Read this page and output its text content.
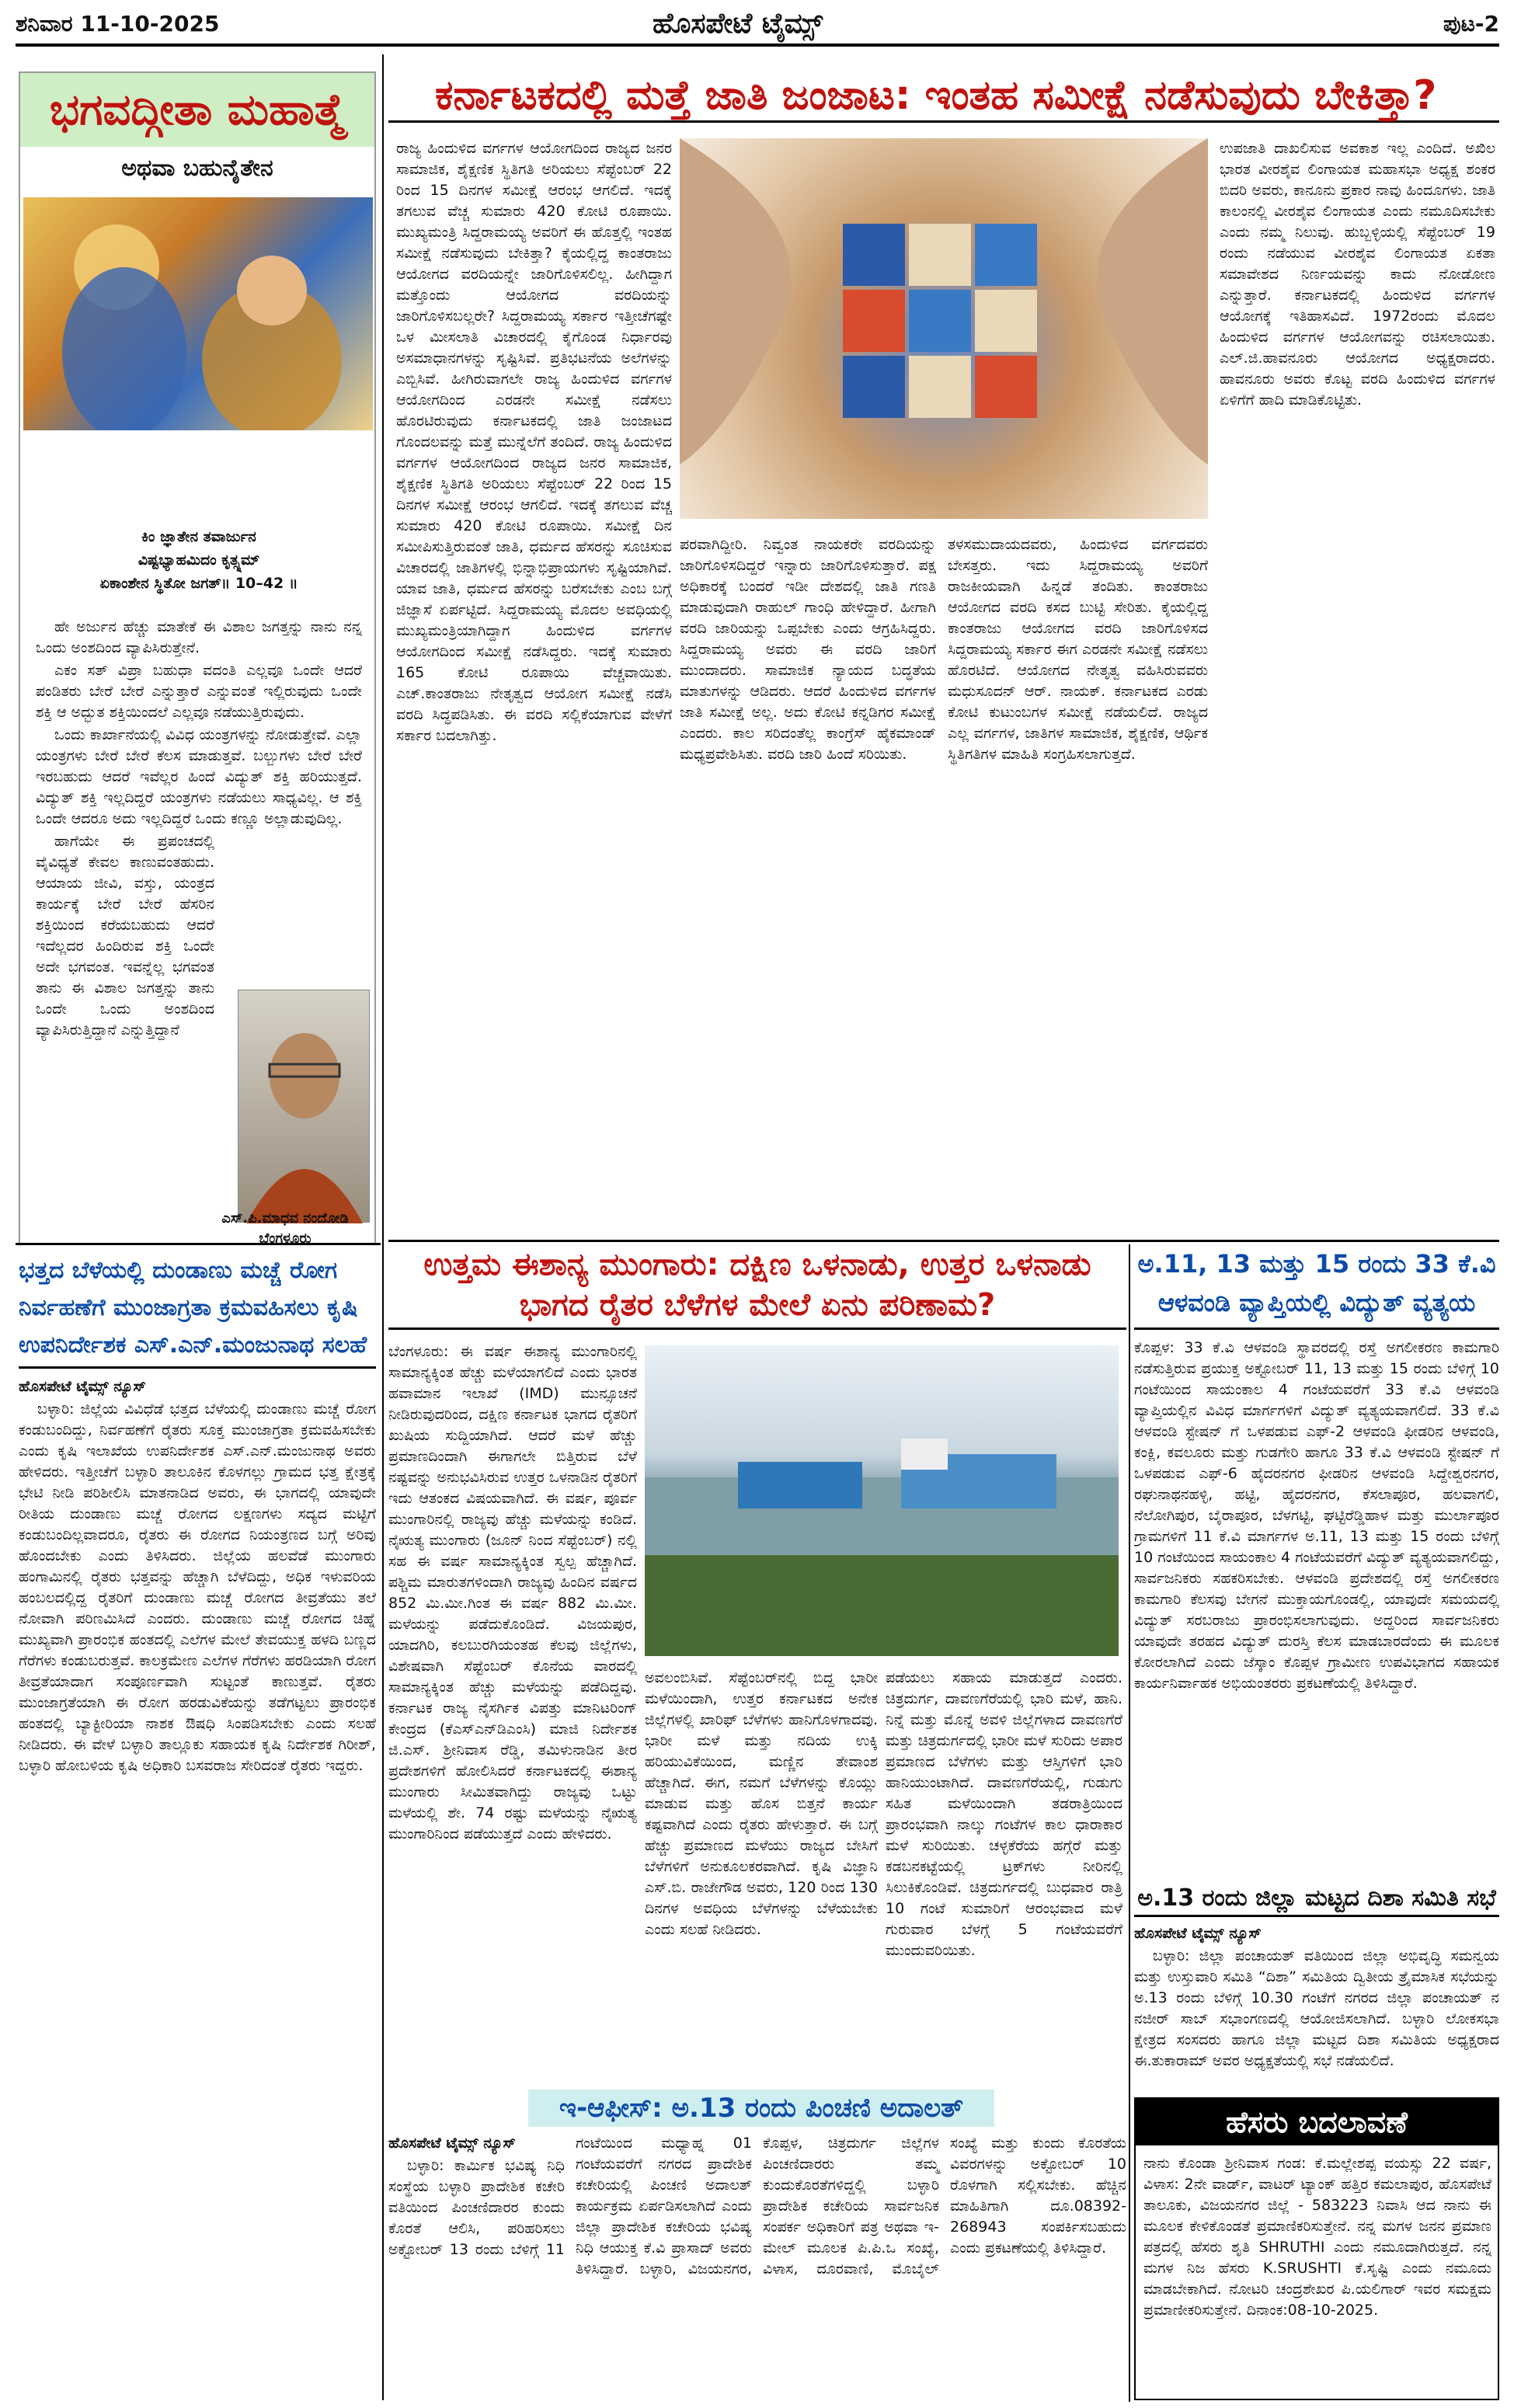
ಶನಿವಾರ 11-10-2025	ಹೊಸಪೇಟೆ ಟೈಮ್ಸ್	ಪುಟ-2
ಭಗವದ್ಗೀತಾ ಮಹಾತ್ಮೆ
ಅಥವಾ ಬಹುನೈತೇನ
ಕಿಂ ಜ್ಞಾತೇನ ತವಾರ್ಜುನ
ವಿಷ್ಟಭ್ಯಾಹಮಿದಂ ಕೃತ್ಸ್ನಮ್
ಏಕಾಂಶೇನ ಸ್ಥಿತೋ ಜಗತ್॥ 10–42 ॥

ಹೇ ಅರ್ಜುನ ಹೆಚ್ಚು ಮಾತೇಕೆ ಈ ವಿಶಾಲ ಜಗತ್ತನ್ನು ನಾನು ನನ್ನ ಒಂದು ಅಂಶದಿಂದ ವ್ಯಾಪಿಸಿರುತ್ತೇನೆ.

ಎಕಂ ಸತ್ ವಿಪ್ರಾ ಬಹುಧಾ ವದಂತಿ ಎಲ್ಲವೂ ಒಂದೇ ಆದರೆ ಪಂಡಿತರು ಬೇರೆ ಬೇರೆ ಎನ್ನುತ್ತಾರೆ ಎನ್ನುವಂತೆ ಇಲ್ಲಿರುವುದು ಒಂದೇ ಶಕ್ತಿ ಆ ಅದ್ಭುತ ಶಕ್ತಿಯಿಂದಲೆ ಎಲ್ಲವೂ ನಡೆಯುತ್ತಿರುವುದು.

ಒಂದು ಕಾರ್ಖಾನೆಯಲ್ಲಿ ವಿವಿಧ ಯಂತ್ರಗಳನ್ನು ನೋಡುತ್ತೇವೆ. ಎಲ್ಲಾ ಯಂತ್ರಗಳು ಬೇರೆ ಬೇರೆ ಕೆಲಸ ಮಾಡುತ್ತವೆ. ಬಲ್ಬುಗಳು ಬೇರೆ ಬೇರೆ ಇರಬಹುದು ಆದರೆ ಇವೆಲ್ಲರ ಹಿಂದೆ ವಿದ್ಯುತ್ ಶಕ್ತಿ ಹರಿಯುತ್ತದೆ. ವಿದ್ಯುತ್ ಶಕ್ತಿ ಇಲ್ಲದಿದ್ದರೆ ಯಂತ್ರಗಳು ನಡೆಯಲು ಸಾಧ್ಯವಿಲ್ಲ. ಆ ಶಕ್ತಿ ಒಂದೇ ಆದರೂ ಅದು ಇಲ್ಲದಿದ್ದರೆ ಒಂದು ಕಣ್ಣೂ ಅಲ್ಲಾಡುವುದಿಲ್ಲ.

ಹಾಗೆಯೇ ಈ ಪ್ರಪಂಚದಲ್ಲಿ ವೈವಿಧ್ಯತೆ ಕೇವಲ ಕಾಣುವಂತಹುದು. ಆಯಾಯ ಜೀವಿ, ವಸ್ತು, ಯಂತ್ರದ ಕಾರ್ಯಕ್ಕೆ ಬೇರೆ ಬೇರೆ ಹೆಸರಿನ ಶಕ್ತಿಯಿಂದ ಕರೆಯಬಹುದು ಆದರೆ ಇದೆಲ್ಲದರ ಹಿಂದಿರುವ ಶಕ್ತಿ ಒಂದೇ ಅದೇ ಭಗವಂತ. ಇವನ್ನೆಲ್ಲ ಭಗವಂತ ತಾನು ಈ ವಿಶಾಲ ಜಗತ್ತನ್ನು ತಾನು ಒಂದೇ ಒಂದು ಅಂಶದಿಂದ ವ್ಯಾಪಿಸಿರುತ್ತಿದ್ದಾನೆ ಎನ್ನುತ್ತಿದ್ದಾನೆ

ಎಸ್.ಪಿ.ಮಾಧವ ನಂದೋಡಿ
ಬೆಂಗಳೂರು
ಕರ್ನಾಟಕದಲ್ಲಿ ಮತ್ತೆ ಜಾತಿ ಜಂಜಾಟ: ಇಂತಹ ಸಮೀಕ್ಷೆ ನಡೆಸುವುದು ಬೇಕಿತ್ತಾ?
ರಾಜ್ಯ ಹಿಂದುಳಿದ ವರ್ಗಗಳ ಆಯೋಗದಿಂದ ರಾಜ್ಯದ ಜನರ ಸಾಮಾಜಿಕ, ಶೈಕ್ಷಣಿಕ ಸ್ಥಿತಿಗತಿ ಅರಿಯಲು ಸೆಪ್ಟೆಂಬರ್ 22 ರಿಂದ 15 ದಿನಗಳ ಸಮೀಕ್ಷೆ ಆರಂಭ ಆಗಲಿದೆ. ಇದಕ್ಕೆ ತಗಲುವ ವೆಚ್ಚ ಸುಮಾರು 420 ಕೋಟಿ ರೂಪಾಯಿ. ಮುಖ್ಯಮಂತ್ರಿ ಸಿದ್ದರಾಮಯ್ಯ ಅವರಿಗೆ ಈ ಹೊತ್ತಲ್ಲಿ ಇಂತಹ ಸಮೀಕ್ಷೆ ನಡೆಸುವುದು ಬೇಕಿತ್ತಾ? ಕೈಯಲ್ಲಿದ್ದ ಕಾಂತರಾಜು ಆಯೋಗದ ವರದಿಯನ್ನೇ ಜಾರಿಗೊಳಿಸಲಿಲ್ಲ. ಹೀಗಿದ್ದಾಗ ಮತ್ತೊಂದು ಆಯೋಗದ ವರದಿಯನ್ನು ಜಾರಿಗೊಳಿಸಬಲ್ಲರೇ? ಸಿದ್ದರಾಮಯ್ಯ ಸರ್ಕಾರ ಇತ್ತೀಚೆಗಷ್ಟೇ ಒಳ ಮೀಸಲಾತಿ ವಿಚಾರದಲ್ಲಿ ಕೈಗೊಂಡ ನಿರ್ಧಾರವು ಅಸಮಾಧಾನಗಳನ್ನು ಸೃಷ್ಟಿಸಿವೆ. ಪ್ರತಿಭಟನೆಯ ಅಲೆಗಳನ್ನು ಎಬ್ಬಿಸಿವೆ. ಹೀಗಿರುವಾಗಲೇ ರಾಜ್ಯ ಹಿಂದುಳಿದ ವರ್ಗಗಳ ಆಯೋಗದಿಂದ ಎರಡನೇ ಸಮೀಕ್ಷೆ ನಡೆಸಲು ಹೊರಟಿರುವುದು ಕರ್ನಾಟಕದಲ್ಲಿ ಜಾತಿ ಜಂಜಾಟದ ಗೊಂದಲವನ್ನು ಮತ್ತೆ ಮುನ್ನೆಲೆಗೆ ತಂದಿದೆ. ರಾಜ್ಯ ಹಿಂದುಳಿದ ವರ್ಗಗಳ ಆಯೋಗದಿಂದ ರಾಜ್ಯದ ಜನರ ಸಾಮಾಜಿಕ, ಶೈಕ್ಷಣಿಕ ಸ್ಥಿತಿಗತಿ ಅರಿಯಲು ಸೆಪ್ಟೆಂಬರ್ 22 ರಿಂದ 15 ದಿನಗಳ ಸಮೀಕ್ಷೆ ಆರಂಭ ಆಗಲಿದೆ. ಇದಕ್ಕೆ ತಗಲುವ ವೆಚ್ಚ ಸುಮಾರು 420 ಕೋಟಿ ರೂಪಾಯಿ. ಸಮೀಕ್ಷೆ ದಿನ ಸಮೀಪಿಸುತ್ತಿರುವಂತೆ ಜಾತಿ, ಧರ್ಮದ ಹೆಸರನ್ನು ಸೂಚಿಸುವ ವಿಚಾರದಲ್ಲಿ ಜಾತಿಗಳಲ್ಲಿ ಭಿನ್ನಾಭಿಪ್ರಾಯಗಳು ಸೃಷ್ಟಿಯಾಗಿವೆ. ಯಾವ ಜಾತಿ, ಧರ್ಮದ ಹೆಸರನ್ನು ಬರೆಸಬೇಕು ಎಂಬ ಬಗ್ಗೆ ಜಿಜ್ಞಾಸೆ ಏರ್ಪಟ್ಟಿದೆ. ಸಿದ್ದರಾಮಯ್ಯ ಮೊದಲ ಅವಧಿಯಲ್ಲಿ ಮುಖ್ಯಮಂತ್ರಿಯಾಗಿದ್ದಾಗ ಹಿಂದುಳಿದ ವರ್ಗಗಳ ಆಯೋಗದಿಂದ ಸಮೀಕ್ಷೆ ನಡೆಸಿದ್ದರು. ಇದಕ್ಕೆ ಸುಮಾರು 165 ಕೋಟಿ ರೂಪಾಯಿ ವೆಚ್ಚವಾಯಿತು. ಎಚ್.ಕಾಂತರಾಜು ನೇತೃತ್ವದ ಆಯೋಗ ಸಮೀಕ್ಷೆ ನಡೆಸಿ ವರದಿ ಸಿದ್ಧಪಡಿಸಿತು. ಈ ವರದಿ ಸಲ್ಲಿಕೆಯಾಗುವ ವೇಳೆಗೆ ಸರ್ಕಾರ ಬದಲಾಗಿತ್ತು.
ಪರವಾಗಿದ್ದೀರಿ. ನಿವ್ವಂತ ನಾಯಕರೇ ವರದಿಯನ್ನು ಜಾರಿಗೊಳಿಸದಿದ್ದರೆ ಇನ್ನಾರು ಜಾರಿಗೊಳಿಸುತ್ತಾರೆ. ಪಕ್ಷ ಅಧಿಕಾರಕ್ಕೆ ಬಂದರೆ ಇಡೀ ದೇಶದಲ್ಲಿ ಜಾತಿ ಗಣತಿ ಮಾಡುವುದಾಗಿ ರಾಹುಲ್ ಗಾಂಧಿ ಹೇಳಿದ್ದಾರೆ. ಹೀಗಾಗಿ ವರದಿ ಜಾರಿಯನ್ನು ಒಪ್ಪಬೇಕು ಎಂದು ಆಗ್ರಹಿಸಿದ್ದರು. ಸಿದ್ದರಾಮಯ್ಯ ಅವರು ಈ ವರದಿ ಜಾರಿಗೆ ಮುಂದಾದರು. ಸಾಮಾಜಿಕ ನ್ಯಾಯದ ಬದ್ಧತೆಯ ಮಾತುಗಳನ್ನು ಆಡಿದರು. ಆದರೆ ಹಿಂದುಳಿದ ವರ್ಗಗಳ ಜಾತಿ ಸಮೀಕ್ಷೆ ಅಲ್ಲ. ಅದು ಕೋಟಿ ಕನ್ನಡಿಗರ ಸಮೀಕ್ಷೆ ಎಂದರು. ಕಾಲ ಸರಿದಂತೆಲ್ಲ ಕಾಂಗ್ರೆಸ್ ಹೈಕಮಾಂಡ್ ಮಧ್ಯಪ್ರವೇಶಿಸಿತು. ವರದಿ ಜಾರಿ ಹಿಂದೆ ಸರಿಯಿತು.
ತಳಸಮುದಾಯದವರು, ಹಿಂದುಳಿದ ವರ್ಗದವರು ಬೇಸತ್ತರು. ಇದು ಸಿದ್ದರಾಮಯ್ಯ ಅವರಿಗೆ ರಾಜಕೀಯವಾಗಿ ಹಿನ್ನಡೆ ತಂದಿತು. ಕಾಂತರಾಜು ಆಯೋಗದ ವರದಿ ಕಸದ ಬುಟ್ಟಿ ಸೇರಿತು. ಕೈಯಲ್ಲಿದ್ದ ಕಾಂತರಾಜು ಆಯೋಗದ ವರದಿ ಜಾರಿಗೊಳಿಸದ ಸಿದ್ದರಾಮಯ್ಯ ಸರ್ಕಾರ ಈಗ ಎರಡನೇ ಸಮೀಕ್ಷೆ ನಡೆಸಲು ಹೊರಟಿದೆ. ಆಯೋಗದ ನೇತೃತ್ವ ವಹಿಸಿರುವವರು ಮಧುಸೂದನ್ ಆರ್. ನಾಯಕ್. ಕರ್ನಾಟಕದ ಎರಡು ಕೋಟಿ ಕುಟುಂಬಗಳ ಸಮೀಕ್ಷೆ ನಡೆಯಲಿದೆ. ರಾಜ್ಯದ ಎಲ್ಲ ವರ್ಗಗಳ, ಜಾತಿಗಳ ಸಾಮಾಜಿಕ, ಶೈಕ್ಷಣಿಕ, ಆರ್ಥಿಕ ಸ್ಥಿತಿಗತಿಗಳ ಮಾಹಿತಿ ಸಂಗ್ರಹಿಸಲಾಗುತ್ತದೆ.
ಉಪಜಾತಿ ದಾಖಲಿಸುವ ಅವಕಾಶ ಇಲ್ಲ ಎಂದಿದೆ. ಅಖಿಲ ಭಾರತ ವೀರಶೈವ ಲಿಂಗಾಯತ ಮಹಾಸಭಾ ಅಧ್ಯಕ್ಷ ಶಂಕರ ಬಿದರಿ ಅವರು, ಕಾನೂನು ಪ್ರಕಾರ ನಾವು ಹಿಂದೂಗಳು. ಜಾತಿ ಕಾಲಂನಲ್ಲಿ ವೀರಶೈವ ಲಿಂಗಾಯತ ಎಂದು ನಮೂದಿಸಬೇಕು ಎಂದು ನಮ್ಮ ನಿಲುವು. ಹುಬ್ಬಳ್ಳಿಯಲ್ಲಿ ಸೆಪ್ಟೆಂಬರ್ 19 ರಂದು ನಡೆಯುವ ವೀರಶೈವ ಲಿಂಗಾಯತ ಏಕತಾ ಸಮಾವೇಶದ ನಿರ್ಣಯವನ್ನು ಕಾದು ನೋಡೋಣ ಎನ್ನುತ್ತಾರೆ. ಕರ್ನಾಟಕದಲ್ಲಿ ಹಿಂದುಳಿದ ವರ್ಗಗಳ ಆಯೋಗಕ್ಕೆ ಇತಿಹಾಸವಿದೆ. 1972ರಂದು ಮೊದಲ ಹಿಂದುಳಿದ ವರ್ಗಗಳ ಆಯೋಗವನ್ನು ರಚಿಸಲಾಯಿತು. ಎಲ್.ಜಿ.ಹಾವನೂರು ಆಯೋಗದ ಅಧ್ಯಕ್ಷರಾದರು. ಹಾವನೂರು ಅವರು ಕೊಟ್ಟ ವರದಿ ಹಿಂದುಳಿದ ವರ್ಗಗಳ ಏಳಿಗೆಗೆ ಹಾದಿ ಮಾಡಿಕೊಟ್ಟಿತು.
ಭತ್ತದ ಬೆಳೆಯಲ್ಲಿ ದುಂಡಾಣು ಮಚ್ಚೆ ರೋಗ ನಿರ್ವಹಣೆಗೆ ಮುಂಜಾಗ್ರತಾ ಕ್ರಮವಹಿಸಲು ಕೃಷಿ ಉಪನಿರ್ದೇಶಕ ಎಸ್.ಎನ್.ಮಂಜುನಾಥ ಸಲಹೆ

ಹೊಸಪೇಟೆ ಟೈಮ್ಸ್ ನ್ಯೂಸ್

ಬಳ್ಳಾರಿ: ಜಿಲ್ಲೆಯ ವಿವಿಧೆಡೆ ಭತ್ತದ ಬೆಳೆಯಲ್ಲಿ ದುಂಡಾಣು ಮಚ್ಚೆ ರೋಗ ಕಂಡುಬಂದಿದ್ದು, ನಿರ್ವಹಣೆಗೆ ರೈತರು ಸೂಕ್ತ ಮುಂಜಾಗ್ರತಾ ಕ್ರಮವಹಿಸಬೇಕು ಎಂದು ಕೃಷಿ ಇಲಾಖೆಯ ಉಪನಿರ್ದೇಶಕ ಎಸ್.ಎನ್.ಮಂಜುನಾಥ ಅವರು ಹೇಳಿದರು. ಇತ್ತೀಚೆಗೆ ಬಳ್ಳಾರಿ ತಾಲೂಕಿನ ಕೊಳಗಲ್ಲು ಗ್ರಾಮದ ಭತ್ತ ಕ್ಷೇತ್ರಕ್ಕೆ ಭೇಟಿ ನೀಡಿ ಪರಿಶೀಲಿಸಿ ಮಾತನಾಡಿದ ಅವರು, ಈ ಭಾಗದಲ್ಲಿ ಯಾವುದೇ ರೀತಿಯ ದುಂಡಾಣು ಮಚ್ಚೆ ರೋಗದ ಲಕ್ಷಣಗಳು ಸದ್ಯದ ಮಟ್ಟಿಗೆ ಕಂಡುಬಂದಿಲ್ಲವಾದರೂ, ರೈತರು ಈ ರೋಗದ ನಿಯಂತ್ರಣದ ಬಗ್ಗೆ ಅರಿವು ಹೊಂದಬೇಕು ಎಂದು ತಿಳಿಸಿದರು. ಜಿಲ್ಲೆಯ ಹಲವೆಡೆ ಮುಂಗಾರು ಹಂಗಾಮಿನಲ್ಲಿ ರೈತರು ಭತ್ತವನ್ನು ಹೆಚ್ಚಾಗಿ ಬೆಳೆದಿದ್ದು, ಅಧಿಕ ಇಳುವರಿಯ ಹಂಬಲದಲ್ಲಿದ್ದ ರೈತರಿಗೆ ದುಂಡಾಣು ಮಚ್ಚೆ ರೋಗದ ತೀವ್ರತೆಯು ತಲೆ ನೋವಾಗಿ ಪರಿಣಮಿಸಿದೆ ಎಂದರು. ದುಂಡಾಣು ಮಚ್ಚೆ ರೋಗದ ಚಿಹ್ನೆ ಮುಖ್ಯವಾಗಿ ಪ್ರಾರಂಭಿಕ ಹಂತದಲ್ಲಿ ಎಲೆಗಳ ಮೇಲೆ ತೇವಯುಕ್ತ ಹಳದಿ ಬಣ್ಣದ ಗೆರೆಗಳು ಕಂಡುಬರುತ್ತವೆ. ಕಾಲಕ್ರಮೇಣ ಎಲೆಗಳ ಗೆರೆಗಳು ಹರಡಿಯಾಗಿ ರೋಗ ತೀವ್ರತೆಯಾದಾಗ ಸಂಪೂರ್ಣವಾಗಿ ಸುಟ್ಟಂತೆ ಕಾಣುತ್ತವೆ. ರೈತರು ಮುಂಜಾಗ್ರತೆಯಾಗಿ ಈ ರೋಗ ಹರಡುವಿಕೆಯನ್ನು ತಡೆಗಟ್ಟಲು ಪ್ರಾರಂಭಿಕ ಹಂತದಲ್ಲಿ ಬ್ಯಾಕ್ಟೀರಿಯಾ ನಾಶಕ ಔಷಧಿ ಸಿಂಪಡಿಸಬೇಕು ಎಂದು ಸಲಹೆ ನೀಡಿದರು. ಈ ವೇಳೆ ಬಳ್ಳಾರಿ ತಾಲ್ಲೂಕು ಸಹಾಯಕ ಕೃಷಿ ನಿರ್ದೇಶಕ ಗಿರೀಶ್, ಬಳ್ಳಾರಿ ಹೋಬಳಿಯ ಕೃಷಿ ಅಧಿಕಾರಿ ಬಸವರಾಜ ಸೇರಿದಂತೆ ರೈತರು ಇದ್ದರು.

ಉತ್ತಮ ಈಶಾನ್ಯ ಮುಂಗಾರು: ದಕ್ಷಿಣ ಒಳನಾಡು, ಉತ್ತರ ಒಳನಾಡು ಭಾಗದ ರೈತರ ಬೆಳೆಗಳ ಮೇಲೆ ಏನು ಪರಿಣಾಮ?
ಬೆಂಗಳೂರು: ಈ ವರ್ಷ ಈಶಾನ್ಯ ಮುಂಗಾರಿನಲ್ಲಿ ಸಾಮಾನ್ಯಕ್ಕಿಂತ ಹೆಚ್ಚು ಮಳೆಯಾಗಲಿದೆ ಎಂದು ಭಾರತ ಹವಾಮಾನ ಇಲಾಖೆ (IMD) ಮುನ್ಸೂಚನೆ ನೀಡಿರುವುದರಿಂದ, ದಕ್ಷಿಣ ಕರ್ನಾಟಕ ಭಾಗದ ರೈತರಿಗೆ ಖುಷಿಯ ಸುದ್ದಿಯಾಗಿದೆ. ಆದರೆ ಮಳೆ ಹೆಚ್ಚು ಪ್ರಮಾಣದಿಂದಾಗಿ ಈಗಾಗಲೇ ಬಿತ್ತಿರುವ ಬೆಳೆ ನಷ್ಟವನ್ನು ಅನುಭವಿಸಿರುವ ಉತ್ತರ ಒಳನಾಡಿನ ರೈತರಿಗೆ ಇದು ಆತಂಕದ ವಿಷಯವಾಗಿದೆ. ಈ ವರ್ಷ, ಪೂರ್ವ ಮುಂಗಾರಿನಲ್ಲಿ ರಾಜ್ಯವು ಹೆಚ್ಚು ಮಳೆಯನ್ನು ಕಂಡಿದೆ. ನೈಋತ್ಯ ಮುಂಗಾರು (ಜೂನ್ ನಿಂದ ಸೆಪ್ಟೆಂಬರ್) ನಲ್ಲಿ ಸಹ ಈ ವರ್ಷ ಸಾಮಾನ್ಯಕ್ಕಿಂತ ಸ್ವಲ್ಪ ಹೆಚ್ಚಾಗಿದೆ. ಪಶ್ಚಿಮ ಮಾರುತಗಳಿಂದಾಗಿ ರಾಜ್ಯವು ಹಿಂದಿನ ವರ್ಷದ 852 ಮಿ.ಮೀ.ಗಿಂತ ಈ ವರ್ಷ 882 ಮಿ.ಮೀ. ಮಳೆಯನ್ನು ಪಡೆದುಕೊಂಡಿದೆ. ವಿಜಯಪುರ, ಯಾದಗಿರಿ, ಕಲಬುರಗಿಯಂತಹ ಕೆಲವು ಜಿಲ್ಲೆಗಳು, ವಿಶೇಷವಾಗಿ ಸೆಪ್ಟೆಂಬರ್ ಕೊನೆಯ ವಾರದಲ್ಲಿ ಸಾಮಾನ್ಯಕ್ಕಿಂತ ಹೆಚ್ಚು ಮಳೆಯನ್ನು ಪಡೆದಿದ್ದವು. ಕರ್ನಾಟಕ ರಾಜ್ಯ ನೈಸರ್ಗಿಕ ವಿಪತ್ತು ಮಾನಿಟರಿಂಗ್ ಕೇಂದ್ರದ (ಕೆಎಸ್‌ಎನ್‌ಡಿಎಂಸಿ) ಮಾಜಿ ನಿರ್ದೇಶಕ ಜಿ.ಎಸ್. ಶ್ರೀನಿವಾಸ ರೆಡ್ಡಿ, ತಮಿಳುನಾಡಿನ ತೀರ ಪ್ರದೇಶಗಳಿಗೆ ಹೋಲಿಸಿದರೆ ಕರ್ನಾಟಕದಲ್ಲಿ ಈಶಾನ್ಯ ಮುಂಗಾರು ಸೀಮಿತವಾಗಿದ್ದು ರಾಜ್ಯವು ಒಟ್ಟು ಮಳೆಯಲ್ಲಿ ಶೇ. 74 ರಷ್ಟು ಮಳೆಯನ್ನು ನೈಋತ್ಯ ಮುಂಗಾರಿನಿಂದ ಪಡೆಯುತ್ತದೆ ಎಂದು ಹೇಳಿದರು.
ಅವಲಂಬಿಸಿವೆ. ಸೆಪ್ಟೆಂಬರ್‌ನಲ್ಲಿ ಬಿದ್ದ ಭಾರೀ ಮಳೆಯಿಂದಾಗಿ, ಉತ್ತರ ಕರ್ನಾಟಕದ ಅನೇಕ ಜಿಲ್ಲೆಗಳಲ್ಲಿ ಖಾರಿಫ್ ಬೆಳೆಗಳು ಹಾನಿಗೊಳಗಾದವು. ಭಾರೀ ಮಳೆ ಮತ್ತು ನದಿಯ ಉಕ್ಕಿ ಹರಿಯುವಿಕೆಯಿಂದ, ಮಣ್ಣಿನ ತೇವಾಂಶ ಹೆಚ್ಚಾಗಿದೆ. ಈಗ, ನಮಗೆ ಬೆಳೆಗಳನ್ನು ಕೊಯ್ಲು ಮಾಡುವ ಮತ್ತು ಹೊಸ ಬಿತ್ತನೆ ಕಾರ್ಯ ಕಷ್ಟವಾಗಿದೆ ಎಂದು ರೈತರು ಹೇಳುತ್ತಾರೆ. ಈ ಬಗ್ಗೆ ಹೆಚ್ಚು ಪ್ರಮಾಣದ ಮಳೆಯು ರಾಜ್ಯದ ಬೇಸಿಗೆ ಬೆಳೆಗಳಿಗೆ ಅನುಕೂಲಕರವಾಗಿದೆ. ಕೃಷಿ ವಿಜ್ಞಾನಿ ಎಸ್.ಬಿ. ರಾಜೇಗೌಡ ಅವರು, 120 ರಿಂದ 130 ದಿನಗಳ ಅವಧಿಯ ಬೆಳೆಗಳನ್ನು ಬೆಳೆಯಬೇಕು ಎಂದು ಸಲಹೆ ನೀಡಿದರು.
ಪಡೆಯಲು ಸಹಾಯ ಮಾಡುತ್ತದೆ ಎಂದರು. ಚಿತ್ರದುರ್ಗ, ದಾವಣಗೆರೆಯಲ್ಲಿ ಭಾರಿ ಮಳೆ, ಹಾನಿ. ನಿನ್ನೆ ಮತ್ತು ಮೊನ್ನೆ ಅವಳಿ ಜಿಲ್ಲೆಗಳಾದ ದಾವಣಗೆರೆ ಮತ್ತು ಚಿತ್ರದುರ್ಗದಲ್ಲಿ ಭಾರೀ ಮಳೆ ಸುರಿದು ಅಪಾರ ಪ್ರಮಾಣದ ಬೆಳೆಗಳು ಮತ್ತು ಆಸ್ತಿಗಳಿಗೆ ಭಾರಿ ಹಾನಿಯುಂಟಾಗಿದೆ. ದಾವಣಗೆರೆಯಲ್ಲಿ, ಗುಡುಗು ಸಹಿತ ಮಳೆಯಿಂದಾಗಿ ತಡರಾತ್ರಿಯಿಂದ ಪ್ರಾರಂಭವಾಗಿ ನಾಲ್ಕು ಗಂಟೆಗಳ ಕಾಲ ಧಾರಾಕಾರ ಮಳೆ ಸುರಿಯಿತು. ಚಳ್ಳಕೆರೆಯ ಹಗ್ಗೆರೆ ಮತ್ತು ಕಡಬನಕಟ್ಟೆಯಲ್ಲಿ ಟ್ರಕ್‌ಗಳು ನೀರಿನಲ್ಲಿ ಸಿಲುಕಿಕೊಂಡಿವೆ. ಚಿತ್ರದುರ್ಗದಲ್ಲಿ ಬುಧವಾರ ರಾತ್ರಿ 10 ಗಂಟೆ ಸುಮಾರಿಗೆ ಆರಂಭವಾದ ಮಳೆ ಗುರುವಾರ ಬೆಳಗ್ಗೆ 5 ಗಂಟೆಯವರೆಗೆ ಮುಂದುವರಿಯಿತು.
ಅ.11, 13 ಮತ್ತು 15 ರಂದು 33 ಕೆ.ವಿ ಆಳವಂಡಿ ವ್ಯಾಪ್ತಿಯಲ್ಲಿ ವಿದ್ಯುತ್ ವ್ಯತ್ಯಯ
ಕೊಪ್ಪಳ: 33 ಕೆ.ವಿ ಆಳವಂಡಿ ಸ್ಥಾವರದಲ್ಲಿ ರಸ್ತೆ ಅಗಲೀಕರಣ ಕಾಮಗಾರಿ ನಡೆಸುತ್ತಿರುವ ಪ್ರಯುಕ್ತ ಅಕ್ಟೋಬರ್ 11, 13 ಮತ್ತು 15 ರಂದು ಬೆಳಿಗ್ಗೆ 10 ಗಂಟೆಯಿಂದ ಸಾಯಂಕಾಲ 4 ಗಂಟೆಯವರೆಗೆ 33 ಕೆ.ವಿ ಆಳವಂಡಿ ವ್ಯಾಪ್ತಿಯಲ್ಲಿನ ವಿವಿಧ ಮಾರ್ಗಗಳಿಗೆ ವಿದ್ಯುತ್ ವ್ಯತ್ಯಯವಾಗಲಿದೆ. 33 ಕೆ.ವಿ ಆಳವಂಡಿ ಸ್ಟೇಷನ್ ಗೆ ಒಳಪಡುವ ಎಫ್-2 ಆಳವಂಡಿ ಫೀಡರಿನ ಆಳವಂಡಿ, ಕಂಕ್ಲಿ, ಕವಲೂರು ಮತ್ತು ಗುಡಗೇರಿ ಹಾಗೂ 33 ಕೆ.ವಿ ಆಳವಂಡಿ ಸ್ಟೇಷನ್ ಗೆ ಒಳಪಡುವ ಎಫ್-6 ಹೈದರನಗರ ಫೀಡರಿನ ಆಳವಂಡಿ ಸಿದ್ದೇಶ್ವರನಗರ, ರಘುನಾಥನಹಳ್ಳಿ, ಹಟ್ಟಿ, ಹೈದರನಗರ, ಕೆಸಲಾಪೂರ, ಹಲವಾಗಲಿ, ನೆಲೋಗಿಪುರ, ಬೈರಾಪೂರ, ಬೆಳಗಟ್ಟಿ, ಘಟ್ಟಿರೆಡ್ಡಿಹಾಳ ಮತ್ತು ಮುರ್ಲಾಪೂರ ಗ್ರಾಮಗಳಿಗೆ 11 ಕೆ.ವಿ ಮಾರ್ಗಗಳ ಅ.11, 13 ಮತ್ತು 15 ರಂದು ಬೆಳಿಗ್ಗೆ 10 ಗಂಟೆಯಿಂದ ಸಾಯಂಕಾಲ 4 ಗಂಟೆಯವರೆಗೆ ವಿದ್ಯುತ್ ವ್ಯತ್ಯಯವಾಗಲಿದ್ದು, ಸಾರ್ವಜನಿಕರು ಸಹಕರಿಸಬೇಕು. ಆಳವಂಡಿ ಪ್ರದೇಶದಲ್ಲಿ ರಸ್ತೆ ಅಗಲೀಕರಣ ಕಾಮಗಾರಿ ಕೆಲಸವು ಬೇಗನೆ ಮುಕ್ತಾಯಗೊಂಡಲ್ಲಿ, ಯಾವುದೇ ಸಮಯದಲ್ಲಿ ವಿದ್ಯುತ್ ಸರಬರಾಜು ಪ್ರಾರಂಭಿಸಲಾಗುವುದು. ಅದ್ದರಿಂದ ಸಾರ್ವಜನಿಕರು ಯಾವುದೇ ತರಹದ ವಿದ್ಯುತ್ ದುರಸ್ತಿ ಕೆಲಸ ಮಾಡಬಾರದೆಂದು ಈ ಮೂಲಕ ಕೋರಲಾಗಿದೆ ಎಂದು ಜೆಸ್ಕಾಂ ಕೊಪ್ಪಳ ಗ್ರಾಮೀಣ ಉಪವಿಭಾಗದ ಸಹಾಯಕ ಕಾರ್ಯನಿರ್ವಾಹಕ ಅಭಿಯಂತರರು ಪ್ರಕಟಣೆಯಲ್ಲಿ ತಿಳಿಸಿದ್ದಾರೆ.
ಅ.13 ರಂದು ಜಿಲ್ಲಾ ಮಟ್ಟದ ದಿಶಾ ಸಮಿತಿ ಸಭೆ

ಹೊಸಪೇಟೆ ಟೈಮ್ಸ್ ನ್ಯೂಸ್

ಬಳ್ಳಾರಿ: ಜಿಲ್ಲಾ ಪಂಚಾಯತ್ ವತಿಯಿಂದ ಜಿಲ್ಲಾ ಅಭಿವೃದ್ಧಿ ಸಮನ್ವಯ ಮತ್ತು ಉಸ್ತುವಾರಿ ಸಮಿತಿ “ದಿಶಾ” ಸಮಿತಿಯ ದ್ವಿತೀಯ ತ್ರೈಮಾಸಿಕ ಸಭೆಯನ್ನು ಅ.13 ರಂದು ಬೆಳಿಗ್ಗೆ 10.30 ಗಂಟೆಗೆ ನಗರದ ಜಿಲ್ಲಾ ಪಂಚಾಯತ್ ನ ನಜೀರ್ ಸಾಬ್ ಸಭಾಂಗಣದಲ್ಲಿ ಆಯೋಜಿಸಲಾಗಿದೆ. ಬಳ್ಳಾರಿ ಲೋಕಸಭಾ ಕ್ಷೇತ್ರದ ಸಂಸದರು ಹಾಗೂ ಜಿಲ್ಲಾ ಮಟ್ಟದ ದಿಶಾ ಸಮಿತಿಯ ಅಧ್ಯಕ್ಷರಾದ ಈ.ತುಕಾರಾಮ್ ಅವರ ಅಧ್ಯಕ್ಷತೆಯಲ್ಲಿ ಸಭೆ ನಡೆಯಲಿದೆ.

ಹೆಸರು ಬದಲಾವಣೆ
ನಾನು ಕೊಂಡಾ ಶ್ರೀನಿವಾಸ ಗಂಡ: ಕೆ.ಮಲ್ಲೇಶಪ್ಪ ವಯಸ್ಸು 22 ವರ್ಷ, ವಿಳಾಸ: 2ನೇ ವಾರ್ಡ್, ವಾಟರ್ ಟ್ಯಾಂಕ್ ಹತ್ತಿರ ಕಮಲಾಪುರ, ಹೊಸಪೇಟೆ ತಾಲೂಕು, ವಿಜಯನಗರ ಜಿಲ್ಲೆ - 583223 ನಿವಾಸಿ ಆದ ನಾನು ಈ ಮೂಲಕ ಕೇಳಿಕೊಂಡತೆ ಪ್ರಮಾಣಿಕರಿಸುತ್ತೇನೆ. ನನ್ನ ಮಗಳ ಜನನ ಪ್ರಮಾಣ ಪತ್ರದಲ್ಲಿ ಹೆಸರು ಶೃತಿ SHRUTHI ಎಂದು ನಮೂದಾಗಿರುತ್ತದೆ. ನನ್ನ ಮಗಳ ನಿಜ ಹೆಸರು K.SRUSHTI ಕೆ.ಸೃಷ್ಟಿ ಎಂದು ನಮೂದು ಮಾಡಬೇಕಾಗಿದೆ. ನೋಟರಿ ಚಂದ್ರಶೇಖರ ಪಿ.ಯಲಿಗಾರ್ ಇವರ ಸಮಕ್ಷಮ ಪ್ರಮಾಣೀಕರಿಸುತ್ತೇನೆ. ದಿನಾಂಕ:08-10-2025.
ಇ-ಆಫೀಸ್: ಅ.13 ರಂದು ಪಿಂಚಣಿ ಅದಾಲತ್

ಹೊಸಪೇಟೆ ಟೈಮ್ಸ್ ನ್ಯೂಸ್

ಬಳ್ಳಾರಿ: ಕಾರ್ಮಿಕ ಭವಿಷ್ಯ ನಿಧಿ ಸಂಸ್ಥೆಯ ಬಳ್ಳಾರಿ ಪ್ರಾದೇಶಿಕ ಕಚೇರಿ ವತಿಯಿಂದ ಪಿಂಚಣಿದಾರರ ಕುಂದು ಕೊರತೆ ಆಲಿಸಿ, ಪರಿಹರಿಸಲು ಅಕ್ಟೋಬರ್ 13 ರಂದು ಬೆಳಿಗ್ಗೆ 11 ಗಂಟೆಯಿಂದ ಮಧ್ಯಾಹ್ನ 01 ಗಂಟೆಯವರೆಗೆ ನಗರದ ಪ್ರಾದೇಶಿಕ ಕಚೇರಿಯಲ್ಲಿ ಪಿಂಚಣಿ ಅದಾಲತ್ ಕಾರ್ಯಕ್ರಮ ಏರ್ಪಡಿಸಲಾಗಿದೆ ಎಂದು ಜಿಲ್ಲಾ ಪ್ರಾದೇಶಿಕ ಕಚೇರಿಯ ಭವಿಷ್ಯ ನಿಧಿ ಆಯುಕ್ತ ಕೆ.ವಿ ಪ್ರಾಸಾದ್ ಅವರು ತಿಳಿಸಿದ್ದಾರೆ. ಬಳ್ಳಾರಿ, ವಿಜಯನಗರ, ಕೊಪ್ಪಳ, ಚಿತ್ರದುರ್ಗ ಜಿಲ್ಲೆಗಳ ಪಿಂಚಣಿದಾರರು ತಮ್ಮ ಕುಂದುಕೊರತೆಗಳಿದ್ದಲ್ಲಿ ಬಳ್ಳಾರಿ ಪ್ರಾದೇಶಿಕ ಕಚೇರಿಯ ಸಾರ್ವಜನಿಕ ಸಂಪರ್ಕ ಅಧಿಕಾರಿಗೆ ಪತ್ರ ಅಥವಾ ಇ-ಮೇಲ್ ಮೂಲಕ ಪಿ.ಪಿ.ಒ ಸಂಖ್ಯೆ, ವಿಳಾಸ, ದೂರವಾಣಿ, ಮೊಬೈಲ್ ಸಂಖ್ಯೆ ಮತ್ತು ಕುಂದು ಕೊರತೆಯ ವಿವರಗಳನ್ನು ಅಕ್ಟೋಬರ್ 10 ರೊಳಗಾಗಿ ಸಲ್ಲಿಸಬೇಕು. ಹೆಚ್ಚಿನ ಮಾಹಿತಿಗಾಗಿ ದೂ.08392-268943 ಸಂಪರ್ಕಿಸಬಹುದು ಎಂದು ಪ್ರಕಟಣೆಯಲ್ಲಿ ತಿಳಿಸಿದ್ದಾರೆ.
